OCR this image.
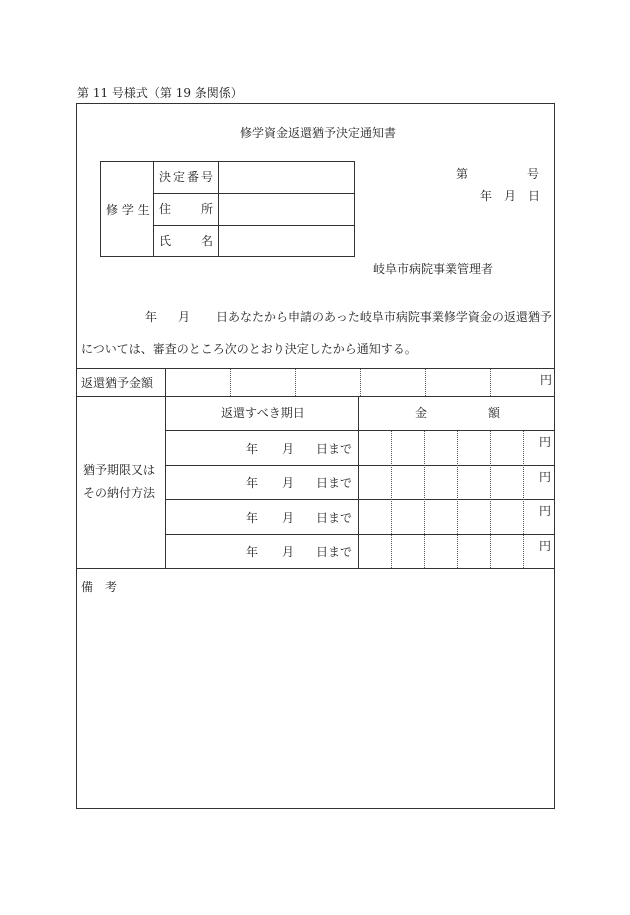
第 11 号様式（第 19 条関係）
修学資金返還猶予決定通知書
修 学 生
決定番号
住　　所
氏　　名
第	号
年 月 日
岐阜市病院事業管理者
年 月 日あなたから申請のあった岐阜市病院事業修学資金の返還猶予
については、審査のところ次のとおり決定したから通知する。
返還猶予金額	円
猶予期限又は
その納付方法
返還すべき期日	金	額
年 月 日まで	円
年 月 日まで	円
年 月 日まで	円
年 月 日まで	円
備　考
